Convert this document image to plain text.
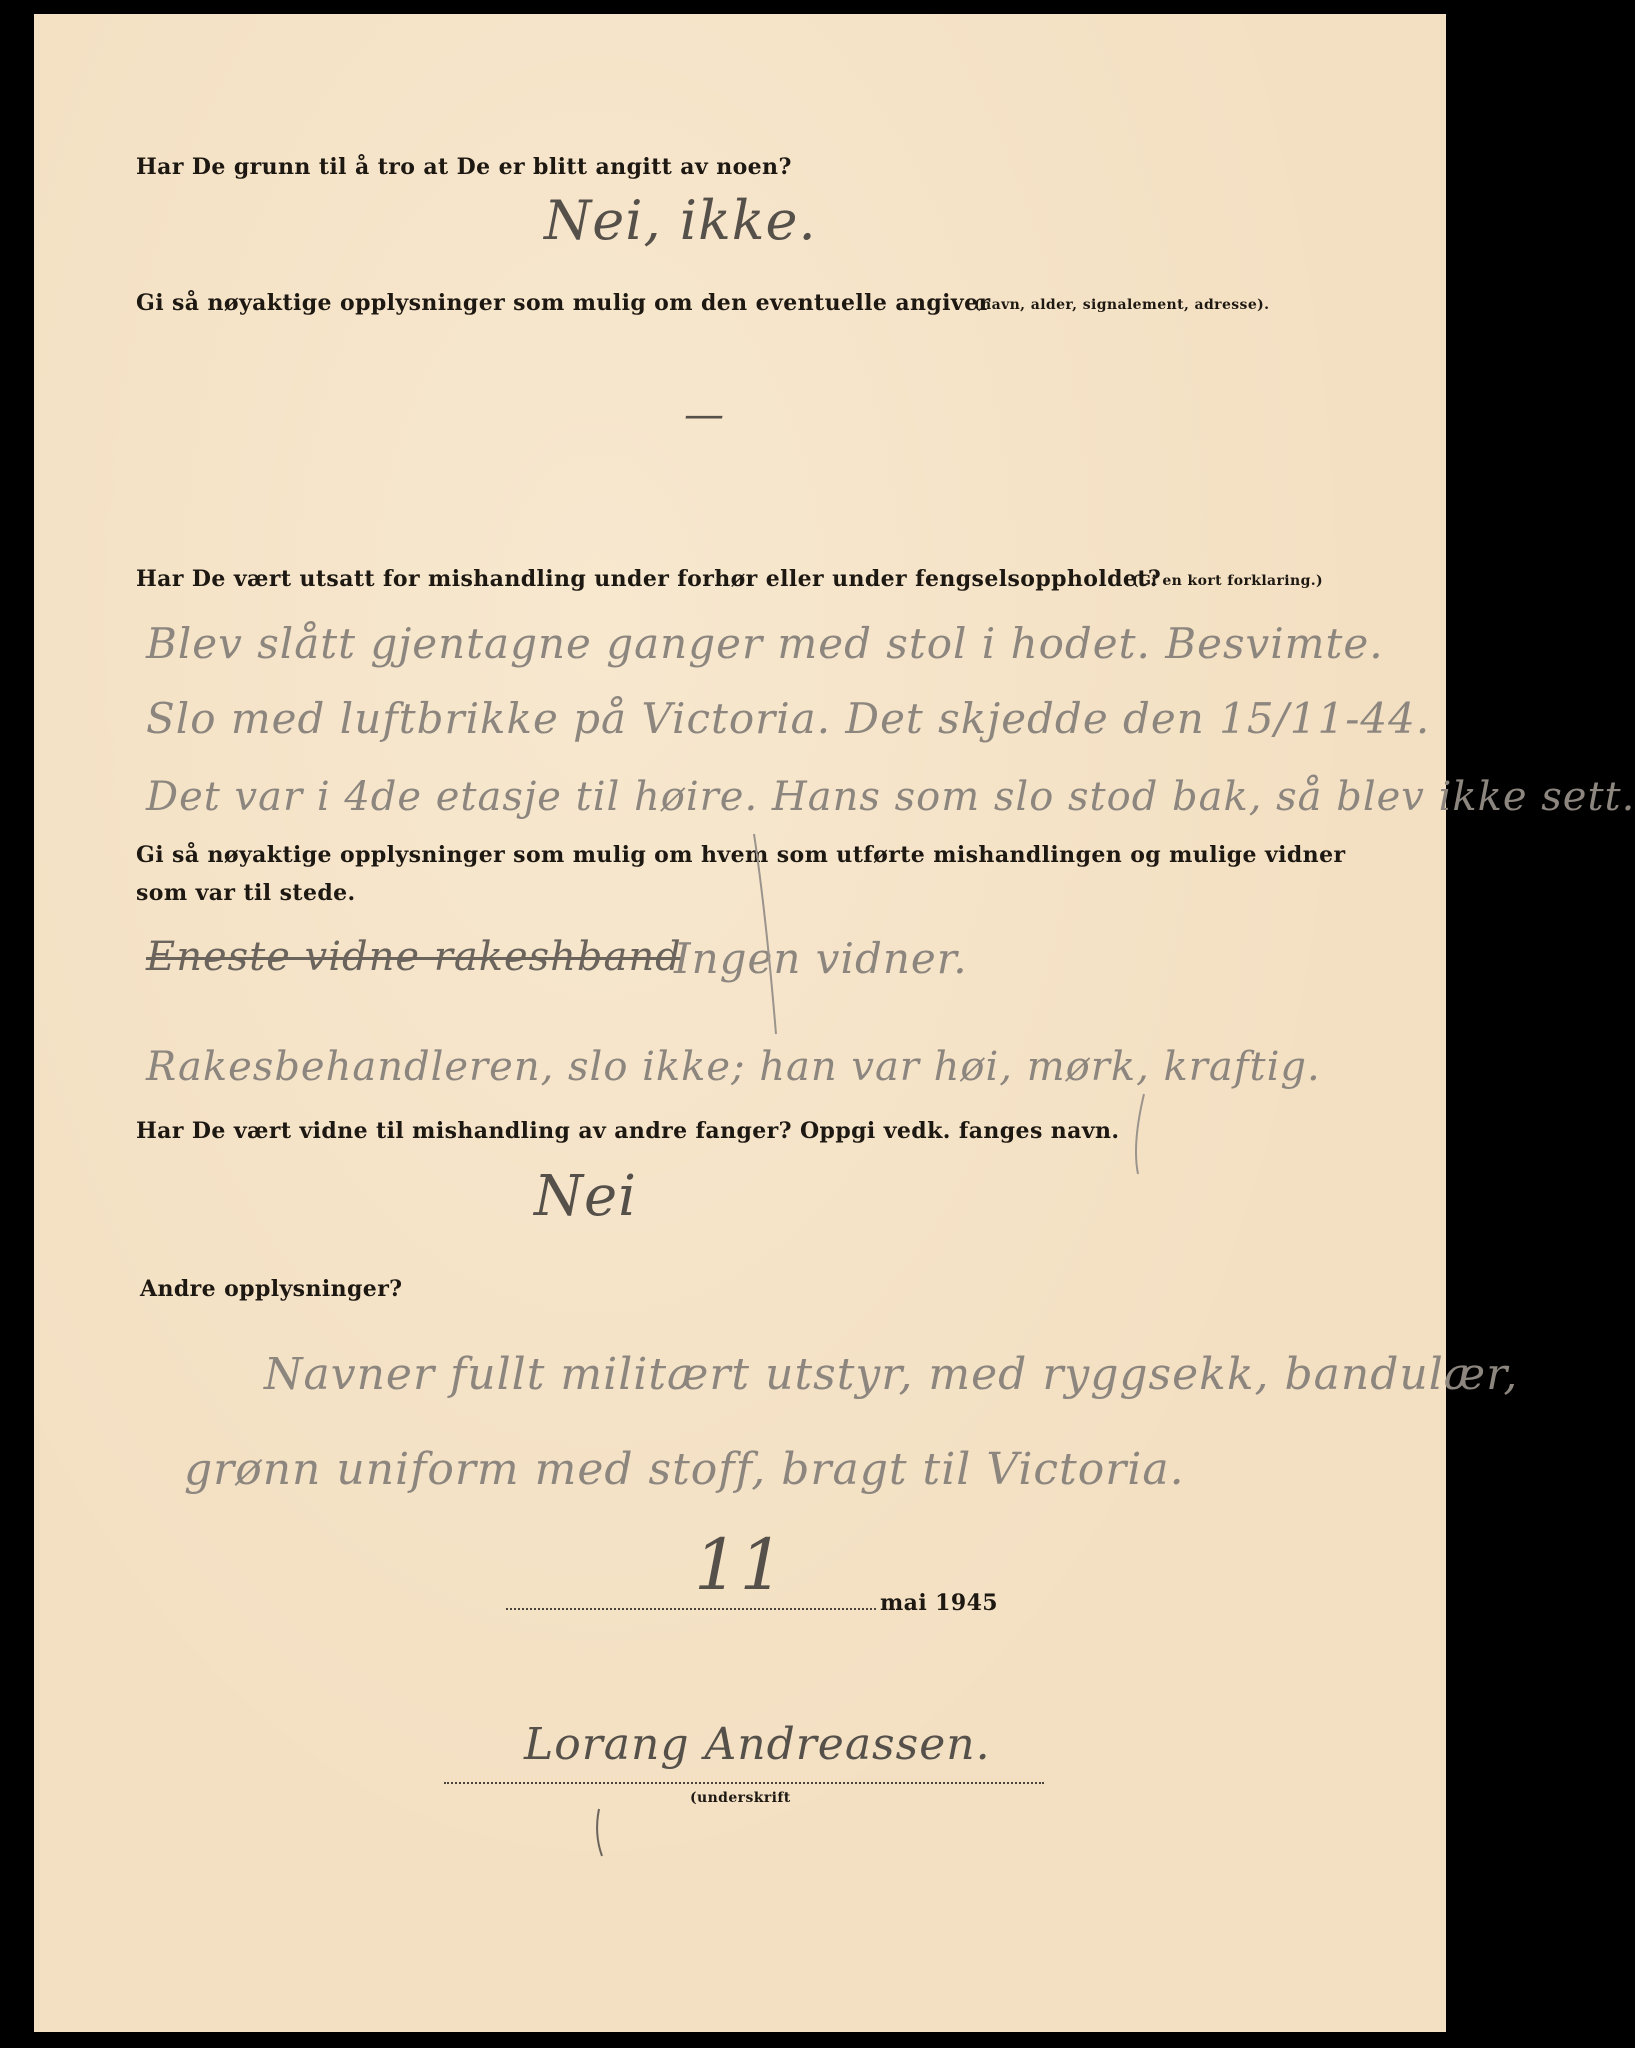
Har De grunn til å tro at De er blitt angitt av noen?

Nei, ikke.

Gi så nøyaktige opplysninger som mulig om den eventuelle angiver

(navn, alder, signalement, adresse).

—

Har De vært utsatt for mishandling under forhør eller under fengselsoppholdet?

(Gi en kort forklaring.)

Blev slått gjentagne ganger med stol i hodet. Besvimte.

Slo med luftbrikke på Victoria. Det skjedde den 15/11-44.

Det var i 4de etasje til høire. Hans som slo stod bak, så blev ikke sett.

Gi så nøyaktige opplysninger som mulig om hvem som utførte mishandlingen og mulige vidner

som var til stede.

Eneste vidne rakeshband

Ingen vidner.

Rakesbehandleren, slo ikke; han var høi, mørk, kraftig.

Har De vært vidne til mishandling av andre fanger? Oppgi vedk. fanges navn.

Nei

Andre opplysninger?

Navner fullt militært utstyr, med ryggsekk, bandulær,

grønn uniform med stoff, bragt til Victoria.

11	mai 1945

Lorang Andreassen.

(underskrift
